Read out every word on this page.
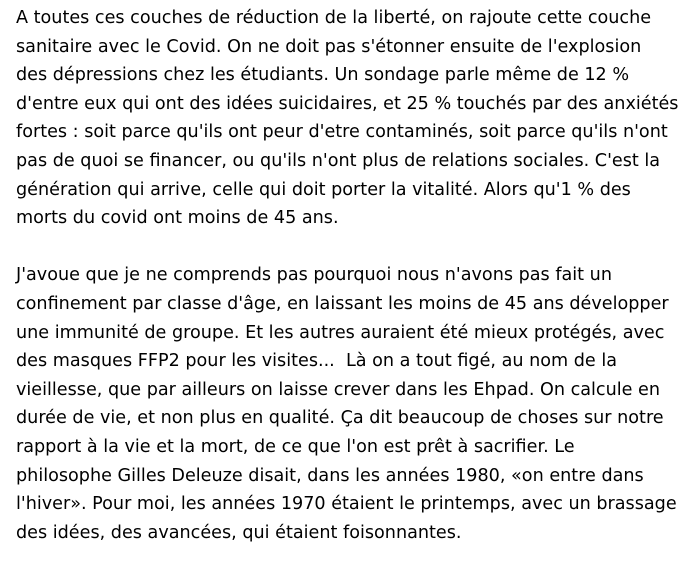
A toutes ces couches de réduction de la liberté, on rajoute cette couche
sanitaire avec le Covid. On ne doit pas s'étonner ensuite de l'explosion
des dépressions chez les étudiants. Un sondage parle même de 12 %
d'entre eux qui ont des idées suicidaires, et 25 % touchés par des anxiétés
fortes : soit parce qu'ils ont peur d'etre contaminés, soit parce qu'ils n'ont
pas de quoi se financer, ou qu'ils n'ont plus de relations sociales. C'est la
génération qui arrive, celle qui doit porter la vitalité. Alors qu'1 % des
morts du covid ont moins de 45 ans.

J'avoue que je ne comprends pas pourquoi nous n'avons pas fait un
confinement par classe d'âge, en laissant les moins de 45 ans développer
une immunité de groupe. Et les autres auraient été mieux protégés, avec
des masques FFP2 pour les visites...  Là on a tout figé, au nom de la
vieillesse, que par ailleurs on laisse crever dans les Ehpad. On calcule en
durée de vie, et non plus en qualité. Ça dit beaucoup de choses sur notre
rapport à la vie et la mort, de ce que l'on est prêt à sacrifier. Le
philosophe Gilles Deleuze disait, dans les années 1980, «on entre dans
l'hiver». Pour moi, les années 1970 étaient le printemps, avec un brassage
des idées, des avancées, qui étaient foisonnantes.
